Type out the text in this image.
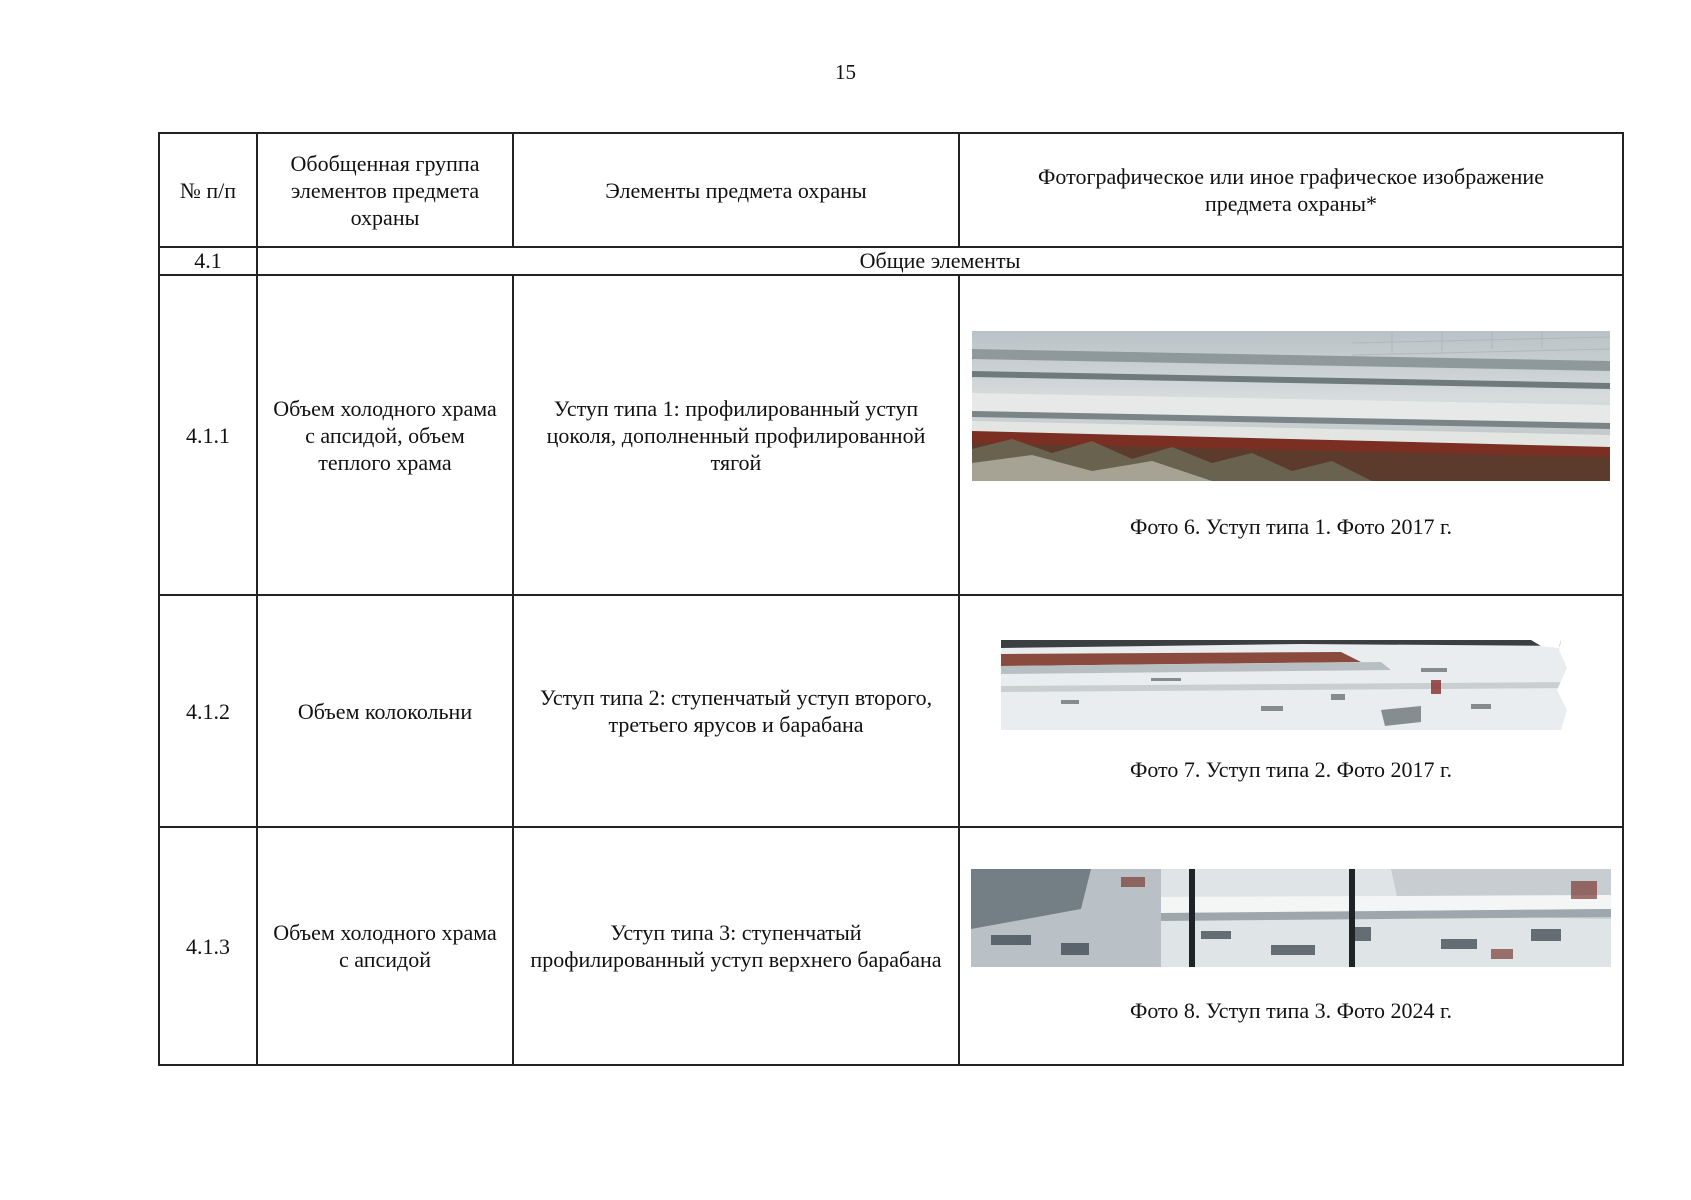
15
№ п/п	Обобщенная группа элементов предмета охраны	Элементы предмета охраны	Фотографическое или иное графическое изображение предмета охраны*
4.1	Общие элементы		
4.1.1	Объем холодного храма с апсидой, объем теплого храма	Уступ типа 1: профилированный уступ цоколя, дополненный профилированной тягой	Фото 6. Уступ типа 1. Фото 2017 г.

4.1.2	Объем колокольни	Уступ типа 2: ступенчатый уступ второго, третьего ярусов и барабана	Фото 7. Уступ типа 2. Фото 2017 г.

4.1.3	Объем холодного храма с апсидой	Уступ типа 3: ступенчатый профилированный уступ верхнего барабана	Фото 8. Уступ типа 3. Фото 2024 г.
